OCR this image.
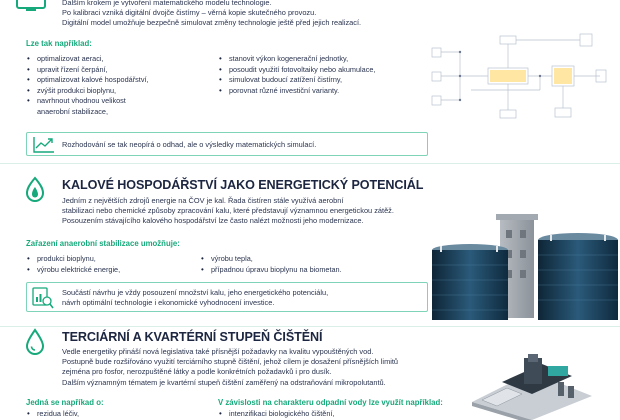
Dalším krokem je vytvoření matematického modelu technologie.
Po kalibraci vzniká digitální dvojče čistírny – věrná kopie skutečného provozu.
Digitální model umožňuje bezpečně simulovat změny technologie ještě před jejich realizací.
Lze tak například:
• optimalizovat aeraci,
• upravit řízení čerpání,
• optimalizovat kalové hospodářství,
• zvýšit produkci bioplynu,
• navrhnout vhodnou velikost
anaerobní stabilizace,
• stanovit výkon kogenerační jednotky,
• posoudit využití fotovoltaiky nebo akumulace,
• simulovat budoucí zatížení čistírny,
• porovnat různé investiční varianty.
Rozhodování se tak neopírá o odhad, ale o výsledky matematických simulací.
KALOVÉ HOSPODÁŘSTVÍ JAKO ENERGETICKÝ POTENCIÁL
Jedním z největších zdrojů energie na ČOV je kal. Řada čistíren stále využívá aerobní
stabilizaci nebo chemické způsoby zpracování kalu, které představují významnou energetickou zátěž.
Posouzením stávajícího kalového hospodářství lze často nalézt možnosti jeho modernizace.
Zařazení anaerobní stabilizace umožňuje:
• produkci bioplynu,
• výrobu elektrické energie,
• výrobu tepla,
• případnou úpravu bioplynu na biometan.
Součástí návrhu je vždy posouzení množství kalu, jeho energetického potenciálu,
návrh optimální technologie i ekonomické vyhodnocení investice.
TERCIÁRNÍ A KVARTÉRNÍ STUPEŇ ČIŠTĚNÍ
Vedle energetiky přináší nová legislativa také přísnější požadavky na kvalitu vypouštěných vod.
Postupně bude rozšiřováno využití terciárního stupně čištění, jehož cílem je dosažení přísnějších limitů
zejména pro fosfor, nerozpuštěné látky a podle konkrétních požadavků i pro dusík.
Dalším významným tématem je kvartérní stupeň čištění zaměřený na odstraňování mikropolutantů.
Jedná se napříkad o:
• rezidua léčiv,
V závislosti na charakteru odpadní vody lze využít například:
• intenzifikaci biologického čištění,
